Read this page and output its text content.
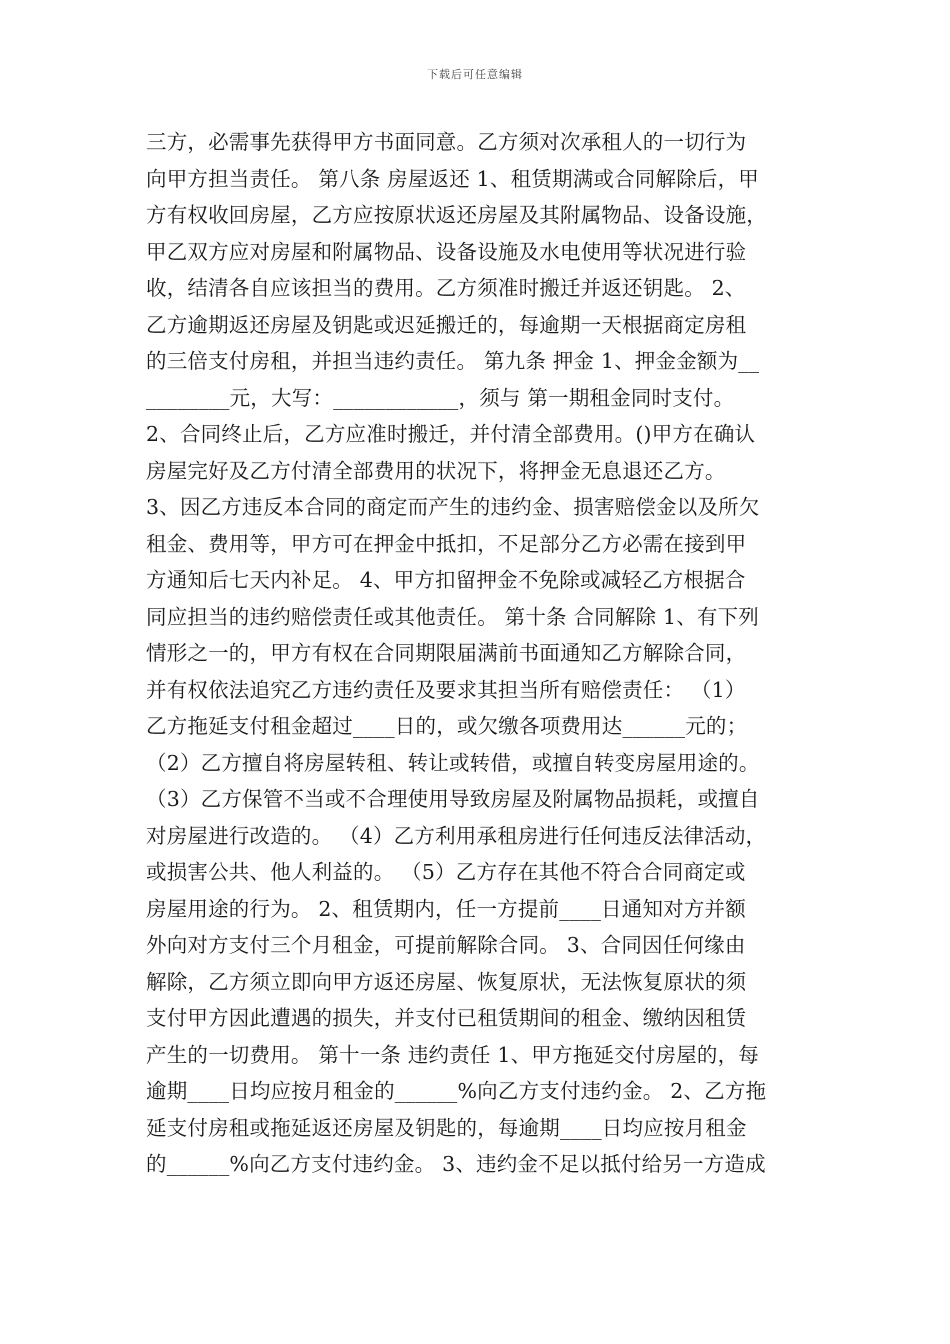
下载后可任意编辑
三方，必需事先获得甲方书面同意。乙方须对次承租人的一切行为
向甲方担当责任。 第八条 房屋返还 1、租赁期满或合同解除后，甲
方有权收回房屋，乙方应按原状返还房屋及其附属物品、设备设施，
甲乙双方应对房屋和附属物品、设备设施及水电使用等状况进行验
收，结清各自应该担当的费用。乙方须准时搬迁并返还钥匙。 2、
乙方逾期返还房屋及钥匙或迟延搬迁的，每逾期一天根据商定房租
的三倍支付房租，并担当违约责任。 第九条 押金 1、押金金额为__
________元，大写：____________，须与 第一期租金同时支付。
2、合同终止后，乙方应准时搬迁，并付清全部费用。()甲方在确认
房屋完好及乙方付清全部费用的状况下，将押金无息退还乙方。
3、因乙方违反本合同的商定而产生的违约金、损害赔偿金以及所欠
租金、费用等，甲方可在押金中抵扣，不足部分乙方必需在接到甲
方通知后七天内补足。 4、甲方扣留押金不免除或减轻乙方根据合
同应担当的违约赔偿责任或其他责任。 第十条 合同解除 1、有下列
情形之一的，甲方有权在合同期限届满前书面通知乙方解除合同，
并有权依法追究乙方违约责任及要求其担当所有赔偿责任： （1）
乙方拖延支付租金超过____日的，或欠缴各项费用达______元的；
（2）乙方擅自将房屋转租、转让或转借，或擅自转变房屋用途的。
（3）乙方保管不当或不合理使用导致房屋及附属物品损耗，或擅自
对房屋进行改造的。 （4）乙方利用承租房进行任何违反法律活动，
或损害公共、他人利益的。 （5）乙方存在其他不符合合同商定或
房屋用途的行为。 2、租赁期内，任一方提前____日通知对方并额
外向对方支付三个月租金，可提前解除合同。 3、合同因任何缘由
解除，乙方须立即向甲方返还房屋、恢复原状，无法恢复原状的须
支付甲方因此遭遇的损失，并支付已租赁期间的租金、缴纳因租赁
产生的一切费用。 第十一条 违约责任 1、甲方拖延交付房屋的，每
逾期____日均应按月租金的______%向乙方支付违约金。 2、乙方拖
延支付房租或拖延返还房屋及钥匙的，每逾期____日均应按月租金
的______%向乙方支付违约金。 3、违约金不足以抵付给另一方造成
